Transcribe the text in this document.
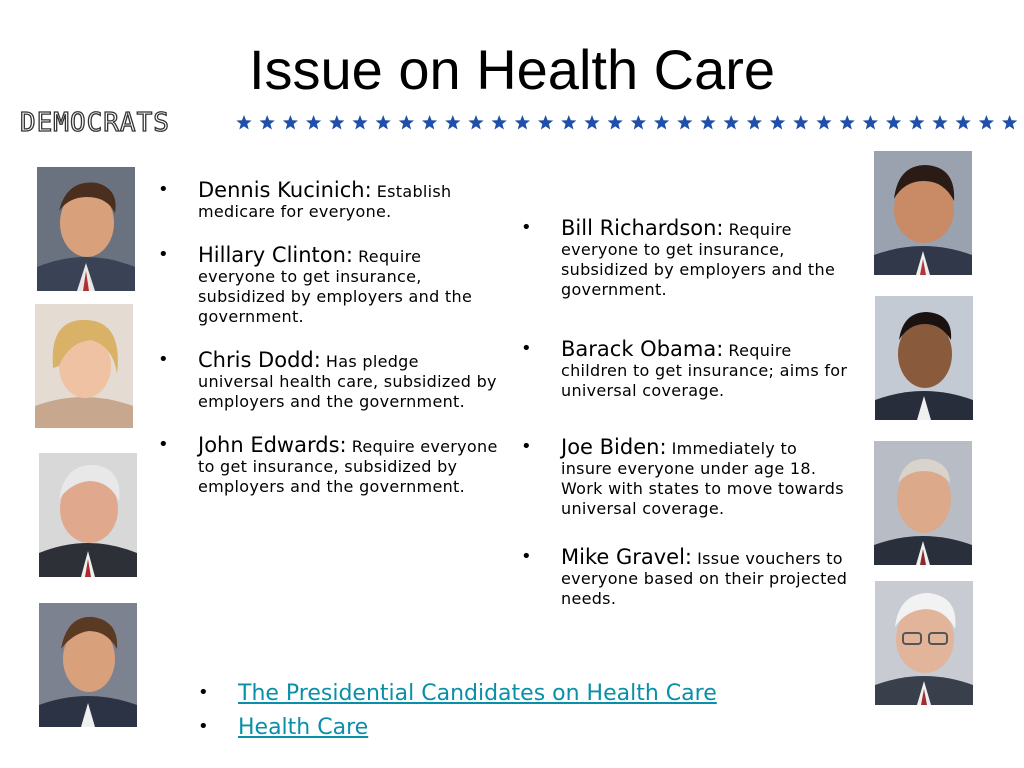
Issue on Health Care
DEMOCRATS
• Dennis Kucinich: Establish medicare for everyone.
• Hillary Clinton: Require everyone to get insurance, subsidized by employers and the government.
• Chris Dodd: Has pledge universal health care, subsidized by employers and the government.
• John Edwards: Require everyone to get insurance, subsidized by employers and the government.
• Bill Richardson: Require everyone to get insurance, subsidized by employers and the government.
• Barack Obama: Require children to get insurance; aims for universal coverage.
• Joe Biden: Immediately to insure everyone under age 18. Work with states to move towards universal coverage.
• Mike Gravel: Issue vouchers to everyone based on their projected needs.
• The Presidential Candidates on Health Care
• Health Care
